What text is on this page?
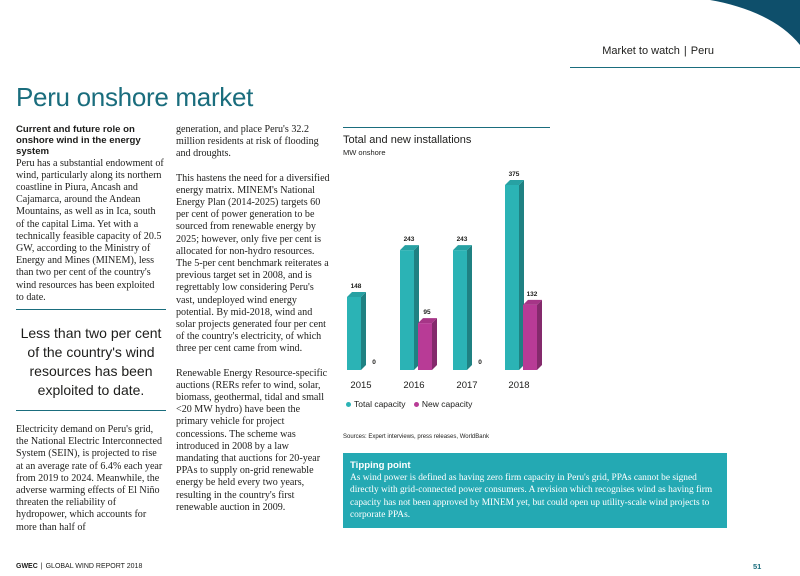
Market to watch | Peru
Peru onshore market

Current and future role on onshore wind in the energy system

Peru has a substantial endowment of wind, particularly along its northern coastline in Piura, Ancash and Cajamarca, around the Andean Mountains, as well as in Ica, south of the capital Lima. Yet with a technically feasible capacity of 20.5 GW, according to the Ministry of Energy and Mines (MINEM), less than two per cent of the country's wind resources has been exploited to date.

Less than two per cent of the country's wind resources has been exploited to date.

Electricity demand on Peru's grid, the National Electric Interconnected System (SEIN), is projected to rise at an average rate of 6.4% each year from 2019 to 2024. Meanwhile, the adverse warming effects of El Niño threaten the reliability of hydropower, which accounts for more than half of

generation, and place Peru's 32.2 million residents at risk of flooding and droughts.

This hastens the need for a diversified energy matrix. MINEM's National Energy Plan (2014-2025) targets 60 per cent of power generation to be sourced from renewable energy by 2025; however, only five per cent is allocated for non-hydro resources. The 5-per cent benchmark reiterates a previous target set in 2008, and is regrettably low considering Peru's vast, undeployed wind energy potential. By mid-2018, wind and solar projects generated four per cent of the country's electricity, of which three per cent came from wind.

Renewable Energy Resource-specific auctions (RERs refer to wind, solar, biomass, geothermal, tidal and small <20 MW hydro) have been the primary vehicle for project concessions. The scheme was introduced in 2008 by a law mandating that auctions for 20-year PPAs to supply on-grid renewable energy be held every two years, resulting in the country's first renewable auction in 2009.

Total and new installations
MW onshore
148
0
2015
243
95
2016
243
0
2017
375
132
2018
Total capacity New capacity
Sources: Expert interviews, press releases, WorldBank
Tipping point
As wind power is defined as having zero firm capacity in Peru's grid, PPAs cannot be signed directly with grid-connected power consumers. A revision which recognises wind as having firm capacity has not been approved by MINEM yet, but could open up utility-scale wind projects to corporate PPAs.
GWEC | GLOBAL WIND REPORT 2018	51
